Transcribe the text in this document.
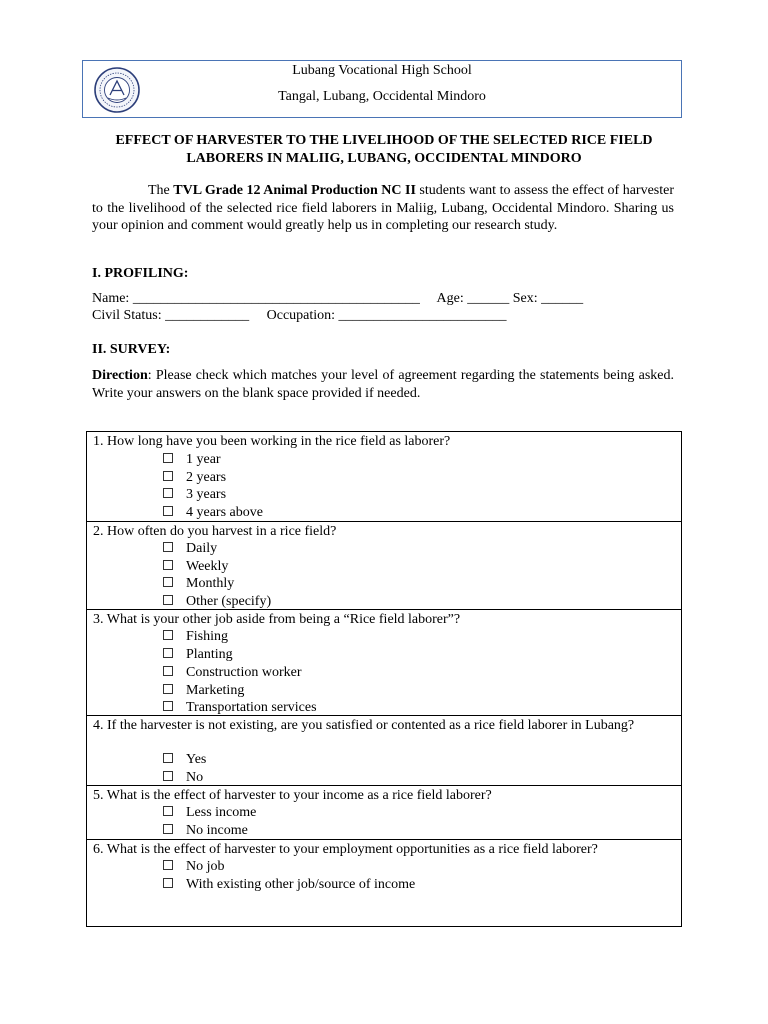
Lubang Vocational High School
Tangal, Lubang, Occidental Mindoro
EFFECT OF HARVESTER TO THE LIVELIHOOD OF THE SELECTED RICE FIELD LABORERS IN MALIIG, LUBANG, OCCIDENTAL MINDORO

The TVL Grade 12 Animal Production NC II students want to assess the effect of harvester to the livelihood of the selected rice field laborers in Maliig, Lubang, Occidental Mindoro. Sharing us your opinion and comment would greatly help us in completing our research study.

I. PROFILING:
Name: _________________________________________     Age: ______ Sex: ______
Civil Status: ____________     Occupation: ________________________
II. SURVEY:

Direction: Please check which matches your level of agreement regarding the statements being asked. Write your answers on the blank space provided if needed.

1. How long have you been working in the rice field as laborer?

1 year
2 years
3 years
4 years above

2. How often do you harvest in a rice field?

Daily
Weekly
Monthly
Other (specify)

3. What is your other job aside from being a “Rice field laborer”?

Fishing
Planting
Construction worker
Marketing
Transportation services

4. If the harvester is not existing, are you satisfied or contented as a rice field laborer in Lubang?

Yes
No

5. What is the effect of harvester to your income as a rice field laborer?

Less income
No income

6. What is the effect of harvester to your employment opportunities as a rice field laborer?

No job
With existing other job/source of income
